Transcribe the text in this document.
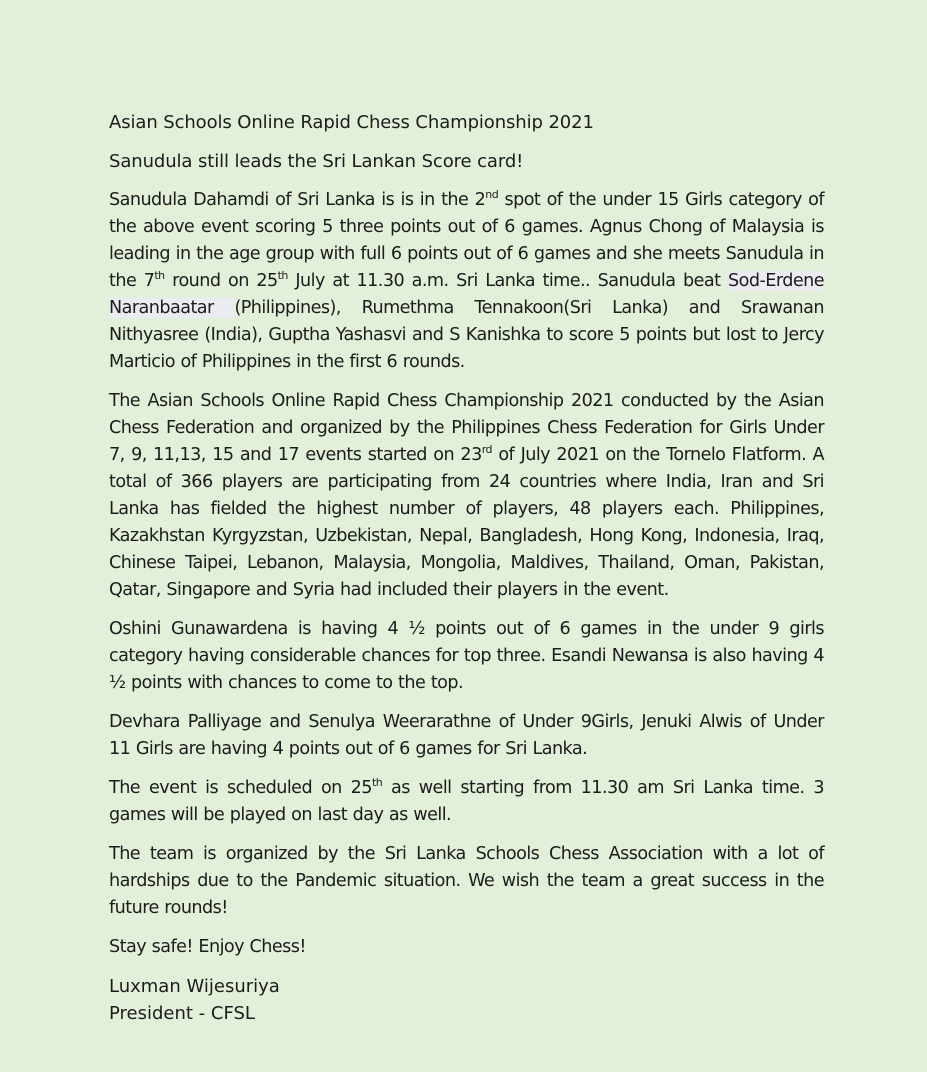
Asian Schools Online Rapid Chess Championship 2021

Sanudula still leads the Sri Lankan Score card!

Sanudula Dahamdi of Sri Lanka is is in the 2nd spot of the under 15 Girls category of the above event scoring 5 three points out of 6 games. Agnus Chong of Malaysia is leading in the age group with full 6 points out of 6 games and she meets Sanudula in the 7th round on 25th July at 11.30 a.m. Sri Lanka time.. Sanudula beat Sod-Erdene Naranbaatar (Philippines), Rumethma Tennakoon(Sri Lanka) and Srawanan Nithyasree (India), Guptha Yashasvi and S Kanishka to score 5 points but lost to Jercy Marticio of Philippines in the first 6 rounds.

The Asian Schools Online Rapid Chess Championship 2021 conducted by the Asian Chess Federation and organized by the Philippines Chess Federation for Girls Under 7, 9, 11,13, 15 and 17 events started on 23rd of July 2021 on the Tornelo Flatform. A total of 366 players are participating from 24 countries where India, Iran and Sri Lanka has fielded the highest number of players, 48 players each. Philippines, Kazakhstan Kyrgyzstan, Uzbekistan, Nepal, Bangladesh, Hong Kong, Indonesia, Iraq, Chinese Taipei, Lebanon, Malaysia, Mongolia, Maldives, Thailand, Oman, Pakistan, Qatar, Singapore and Syria had included their players in the event.

Oshini Gunawardena is having 4 ½ points out of 6 games in the under 9 girls category having considerable chances for top three. Esandi Newansa is also having 4 ½ points with chances to come to the top.

Devhara Palliyage and Senulya Weerarathne of Under 9Girls, Jenuki Alwis of Under 11 Girls are having 4 points out of 6 games for Sri Lanka.

The event is scheduled on 25th as well starting from 11.30 am Sri Lanka time. 3 games will be played on last day as well.

The team is organized by the Sri Lanka Schools Chess Association with a lot of hardships due to the Pandemic situation. We wish the team a great success in the future rounds!

Stay safe! Enjoy Chess!

Luxman Wijesuriya
President - CFSL
